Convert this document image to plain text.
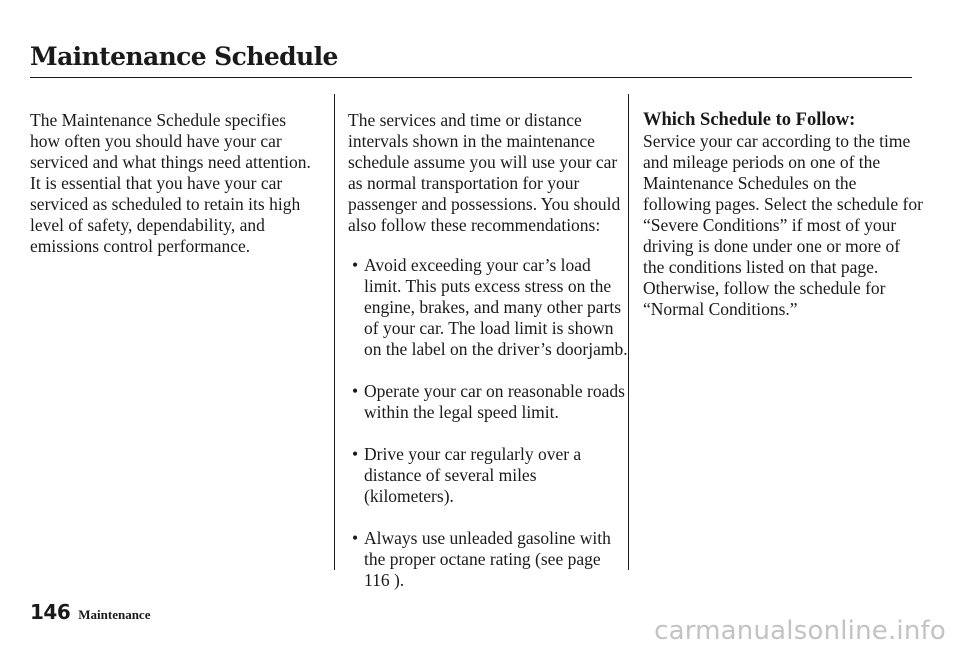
Maintenance Schedule

The Maintenance Schedule specifies how often you should have your car serviced and what things need attention. It is essential that you have your car serviced as scheduled to retain its high level of safety, dependability, and emissions control performance.

The services and time or distance intervals shown in the maintenance schedule assume you will use your car as normal transportation for your passenger and possessions. You should also follow these recommendations:

• Avoid exceeding your car’s load limit. This puts excess stress on the engine, brakes, and many other parts of your car. The load limit is shown on the label on the driver’s doorjamb.
• Operate your car on reasonable roads within the legal speed limit.
• Drive your car regularly over a distance of several miles (kilometers).
• Always use unleaded gasoline with the proper octane rating (see page 116 ).
Which Schedule to Follow:

Service your car according to the time and mileage periods on one of the Maintenance Schedules on the following pages. Select the schedule for “Severe Conditions” if most of your driving is done under one or more of the conditions listed on that page. Otherwise, follow the schedule for “Normal Conditions.”

146 Maintenance
carmanualsonline.info
